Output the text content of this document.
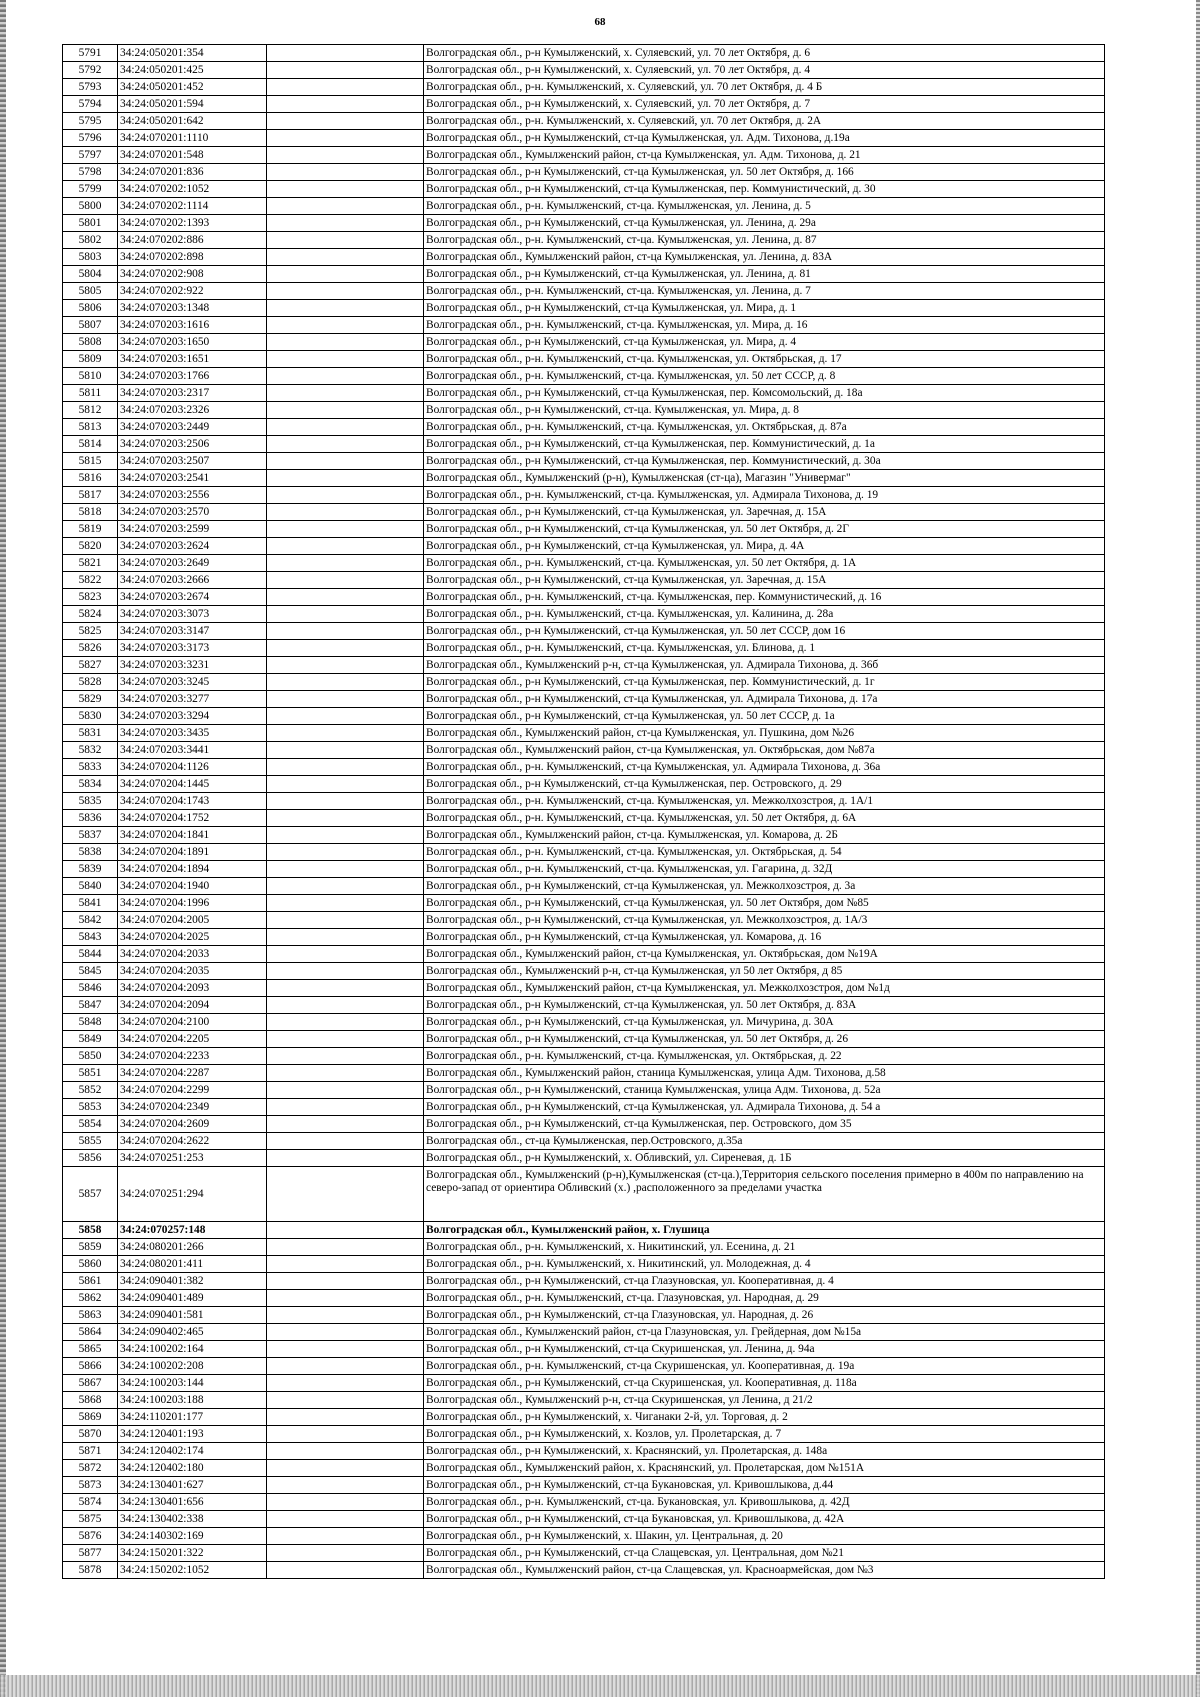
68
5791	34:24:050201:354		Волгоградская обл., р-н Кумылженский, х. Суляевский, ул. 70 лет Октября, д. 6
5792	34:24:050201:425		Волгоградская обл., р-н Кумылженский, х. Суляевский, ул. 70 лет Октября, д. 4
5793	34:24:050201:452		Волгоградская обл., р-н. Кумылженский, х. Суляевский, ул. 70 лет Октября, д. 4 Б
5794	34:24:050201:594		Волгоградская обл., р-н Кумылженский, х. Суляевский, ул. 70 лет Октября, д. 7
5795	34:24:050201:642		Волгоградская обл., р-н. Кумылженский, х. Суляевский, ул. 70 лет Октября, д. 2А
5796	34:24:070201:1110		Волгоградская обл., р-н Кумылженский, ст-ца Кумылженская, ул. Адм. Тихонова, д.19а
5797	34:24:070201:548		Волгоградская обл., Кумылженский район, ст-ца Кумылженская, ул. Адм. Тихонова, д. 21
5798	34:24:070201:836		Волгоградская обл., р-н Кумылженский, ст-ца Кумылженская, ул. 50 лет Октября, д. 166
5799	34:24:070202:1052		Волгоградская обл., р-н Кумылженский, ст-ца Кумылженская, пер. Коммунистический, д. 30
5800	34:24:070202:1114		Волгоградская обл., р-н. Кумылженский, ст-ца. Кумылженская, ул. Ленина, д. 5
5801	34:24:070202:1393		Волгоградская обл., р-н Кумылженский, ст-ца Кумылженская, ул. Ленина, д. 29а
5802	34:24:070202:886		Волгоградская обл., р-н. Кумылженский, ст-ца. Кумылженская, ул. Ленина, д. 87
5803	34:24:070202:898		Волгоградская обл., Кумылженский район, ст-ца Кумылженская, ул. Ленина, д. 83А
5804	34:24:070202:908		Волгоградская обл., р-н Кумылженский, ст-ца Кумылженская, ул. Ленина, д. 81
5805	34:24:070202:922		Волгоградская обл., р-н. Кумылженский, ст-ца. Кумылженская, ул. Ленина, д. 7
5806	34:24:070203:1348		Волгоградская обл., р-н Кумылженский, ст-ца Кумылженская, ул. Мира, д. 1
5807	34:24:070203:1616		Волгоградская обл., р-н. Кумылженский, ст-ца. Кумылженская, ул. Мира, д. 16
5808	34:24:070203:1650		Волгоградская обл., р-н Кумылженский, ст-ца Кумылженская, ул. Мира, д. 4
5809	34:24:070203:1651		Волгоградская обл., р-н. Кумылженский, ст-ца. Кумылженская, ул. Октябрьская, д. 17
5810	34:24:070203:1766		Волгоградская обл., р-н. Кумылженский, ст-ца. Кумылженская, ул. 50 лет СССР, д. 8
5811	34:24:070203:2317		Волгоградская обл., р-н Кумылженский, ст-ца Кумылженская, пер. Комсомольский, д. 18а
5812	34:24:070203:2326		Волгоградская обл., р-н Кумылженский, ст-ца. Кумылженская, ул. Мира, д. 8
5813	34:24:070203:2449		Волгоградская обл., р-н. Кумылженский, ст-ца. Кумылженская, ул. Октябрьская, д. 87а
5814	34:24:070203:2506		Волгоградская обл., р-н Кумылженский, ст-ца Кумылженская, пер. Коммунистический, д. 1а
5815	34:24:070203:2507		Волгоградская обл., р-н Кумылженский, ст-ца Кумылженская, пер. Коммунистический, д. 30а
5816	34:24:070203:2541		Волгоградская обл., Кумылженский (р-н), Кумылженская (ст-ца), Магазин "Универмаг"
5817	34:24:070203:2556		Волгоградская обл., р-н. Кумылженский, ст-ца. Кумылженская, ул. Адмирала Тихонова, д. 19
5818	34:24:070203:2570		Волгоградская обл., р-н Кумылженский, ст-ца Кумылженская, ул. Заречная, д. 15А
5819	34:24:070203:2599		Волгоградская обл., р-н Кумылженский, ст-ца Кумылженская, ул. 50 лет Октября, д. 2Г
5820	34:24:070203:2624		Волгоградская обл., р-н Кумылженский, ст-ца Кумылженская, ул. Мира, д. 4А
5821	34:24:070203:2649		Волгоградская обл., р-н. Кумылженский, ст-ца. Кумылженская, ул. 50 лет Октября, д. 1А
5822	34:24:070203:2666		Волгоградская обл., р-н Кумылженский, ст-ца Кумылженская, ул. Заречная, д. 15А
5823	34:24:070203:2674		Волгоградская обл., р-н. Кумылженский, ст-ца. Кумылженская, пер. Коммунистический, д. 16
5824	34:24:070203:3073		Волгоградская обл., р-н. Кумылженский, ст-ца. Кумылженская, ул. Калинина, д. 28а
5825	34:24:070203:3147		Волгоградская обл., р-н Кумылженский, ст-ца Кумылженская, ул. 50 лет СССР, дом 16
5826	34:24:070203:3173		Волгоградская обл., р-н. Кумылженский, ст-ца. Кумылженская, ул. Блинова, д. 1
5827	34:24:070203:3231		Волгоградская обл., Кумылженский р-н, ст-ца Кумылженская, ул. Адмирала Тихонова, д. 36б
5828	34:24:070203:3245		Волгоградская обл., р-н Кумылженский, ст-ца Кумылженская, пер. Коммунистический, д. 1г
5829	34:24:070203:3277		Волгоградская обл., р-н Кумылженский, ст-ца Кумылженская, ул. Адмирала Тихонова, д. 17а
5830	34:24:070203:3294		Волгоградская обл., р-н Кумылженский, ст-ца Кумылженская, ул. 50 лет СССР, д. 1а
5831	34:24:070203:3435		Волгоградская обл., Кумылженский район, ст-ца Кумылженская, ул. Пушкина, дом №26
5832	34:24:070203:3441		Волгоградская обл., Кумылженский район, ст-ца Кумылженская, ул. Октябрьская, дом №87а
5833	34:24:070204:1126		Волгоградская обл., р-н. Кумылженский, ст-ца Кумылженская, ул. Адмирала Тихонова, д. 36а
5834	34:24:070204:1445		Волгоградская обл., р-н Кумылженский, ст-ца Кумылженская, пер. Островского, д. 29
5835	34:24:070204:1743		Волгоградская обл., р-н. Кумылженский, ст-ца. Кумылженская, ул. Межколхозстроя, д. 1А/1
5836	34:24:070204:1752		Волгоградская обл., р-н. Кумылженский, ст-ца. Кумылженская, ул. 50 лет Октября, д. 6А
5837	34:24:070204:1841		Волгоградская обл., Кумылженский район, ст-ца. Кумылженская, ул. Комарова, д. 2Б
5838	34:24:070204:1891		Волгоградская обл., р-н. Кумылженский, ст-ца. Кумылженская, ул. Октябрьская, д. 54
5839	34:24:070204:1894		Волгоградская обл., р-н. Кумылженский, ст-ца. Кумылженская, ул. Гагарина, д. 32Д
5840	34:24:070204:1940		Волгоградская обл., р-н Кумылженский, ст-ца Кумылженская, ул. Межколхозстроя, д. 3а
5841	34:24:070204:1996		Волгоградская обл., р-н Кумылженский, ст-ца Кумылженская, ул. 50 лет Октября, дом №85
5842	34:24:070204:2005		Волгоградская обл., р-н Кумылженский, ст-ца Кумылженская, ул. Межколхозстроя, д. 1А/3
5843	34:24:070204:2025		Волгоградская обл., р-н Кумылженский, ст-ца Кумылженская, ул. Комарова, д. 16
5844	34:24:070204:2033		Волгоградская обл., Кумылженский район, ст-ца Кумылженская, ул. Октябрьская, дом №19А
5845	34:24:070204:2035		Волгоградская обл., Кумылженский р-н, ст-ца Кумылженская, ул 50 лет Октября, д 85
5846	34:24:070204:2093		Волгоградская обл., Кумылженский район, ст-ца Кумылженская, ул. Межколхозстроя, дом №1д
5847	34:24:070204:2094		Волгоградская обл., р-н Кумылженский, ст-ца Кумылженская, ул. 50 лет Октября, д. 83А
5848	34:24:070204:2100		Волгоградская обл., р-н Кумылженский, ст-ца Кумылженская, ул. Мичурина, д. 30А
5849	34:24:070204:2205		Волгоградская обл., р-н Кумылженский, ст-ца Кумылженская, ул. 50 лет Октября, д. 26
5850	34:24:070204:2233		Волгоградская обл., р-н. Кумылженский, ст-ца. Кумылженская, ул. Октябрьская, д. 22
5851	34:24:070204:2287		Волгоградская обл., Кумылженский район, станица Кумылженская, улица Адм. Тихонова, д.58
5852	34:24:070204:2299		Волгоградская обл., р-н Кумылженский, станица Кумылженская, улица Адм. Тихонова, д. 52а
5853	34:24:070204:2349		Волгоградская обл., р-н Кумылженский, ст-ца Кумылженская, ул. Адмирала Тихонова, д. 54 а
5854	34:24:070204:2609		Волгоградская обл., р-н Кумылженский, ст-ца Кумылженская, пер. Островского, дом 35
5855	34:24:070204:2622		Волгоградская обл., ст-ца Кумылженская, пер.Островского, д.35а
5856	34:24:070251:253		Волгоградская обл., р-н Кумылженский, х. Обливский, ул. Сиреневая, д. 1Б
5857	34:24:070251:294		Волгоградская обл., Кумылженский (р-н),Кумылженская (ст-ца.),Территория сельского поселения примерно в 400м по направлению на северо-запад от ориентира Обливский (х.) ,расположенного за пределами участка
5858	34:24:070257:148		Волгоградская обл., Кумылженский район, х. Глушица
5859	34:24:080201:266		Волгоградская обл., р-н. Кумылженский, х. Никитинский, ул. Есенина, д. 21
5860	34:24:080201:411		Волгоградская обл., р-н. Кумылженский, х. Никитинский, ул. Молодежная, д. 4
5861	34:24:090401:382		Волгоградская обл., р-н Кумылженский, ст-ца Глазуновская, ул. Кооперативная, д. 4
5862	34:24:090401:489		Волгоградская обл., р-н. Кумылженский, ст-ца. Глазуновская, ул. Народная, д. 29
5863	34:24:090401:581		Волгоградская обл., р-н Кумылженский, ст-ца Глазуновская, ул. Народная, д. 26
5864	34:24:090402:465		Волгоградская обл., Кумылженский район, ст-ца Глазуновская, ул. Грейдерная, дом №15а
5865	34:24:100202:164		Волгоградская обл., р-н Кумылженский, ст-ца Скуришенская, ул. Ленина, д. 94а
5866	34:24:100202:208		Волгоградская обл., р-н. Кумылженский, ст-ца Скуришенская, ул. Кооперативная, д. 19а
5867	34:24:100203:144		Волгоградская обл., р-н Кумылженский, ст-ца Скуришенская, ул. Кооперативная, д. 118а
5868	34:24:100203:188		Волгоградская обл., Кумылженский р-н, ст-ца Скуришенская, ул Ленина, д 21/2
5869	34:24:110201:177		Волгоградская обл., р-н Кумылженский, х. Чиганаки 2-й, ул. Торговая, д. 2
5870	34:24:120401:193		Волгоградская обл., р-н Кумылженский, х. Козлов, ул. Пролетарская, д. 7
5871	34:24:120402:174		Волгоградская обл., р-н Кумылженский, х. Краснянский, ул. Пролетарская, д. 148а
5872	34:24:120402:180		Волгоградская обл., Кумылженский район, х. Краснянский, ул. Пролетарская, дом №151А
5873	34:24:130401:627		Волгоградская обл., р-н Кумылженский, ст-ца Букановская, ул. Кривошлыкова, д.44
5874	34:24:130401:656		Волгоградская обл., р-н. Кумылженский, ст-ца. Букановская, ул. Кривошлыкова, д. 42Д
5875	34:24:130402:338		Волгоградская обл., р-н Кумылженский, ст-ца Букановская, ул. Кривошлыкова, д. 42А
5876	34:24:140302:169		Волгоградская обл., р-н Кумылженский, х. Шакин, ул. Центральная, д. 20
5877	34:24:150201:322		Волгоградская обл., р-н Кумылженский, ст-ца Слащевская, ул. Центральная, дом №21
5878	34:24:150202:1052		Волгоградская обл., Кумылженский район, ст-ца Слащевская, ул. Красноармейская, дом №3
